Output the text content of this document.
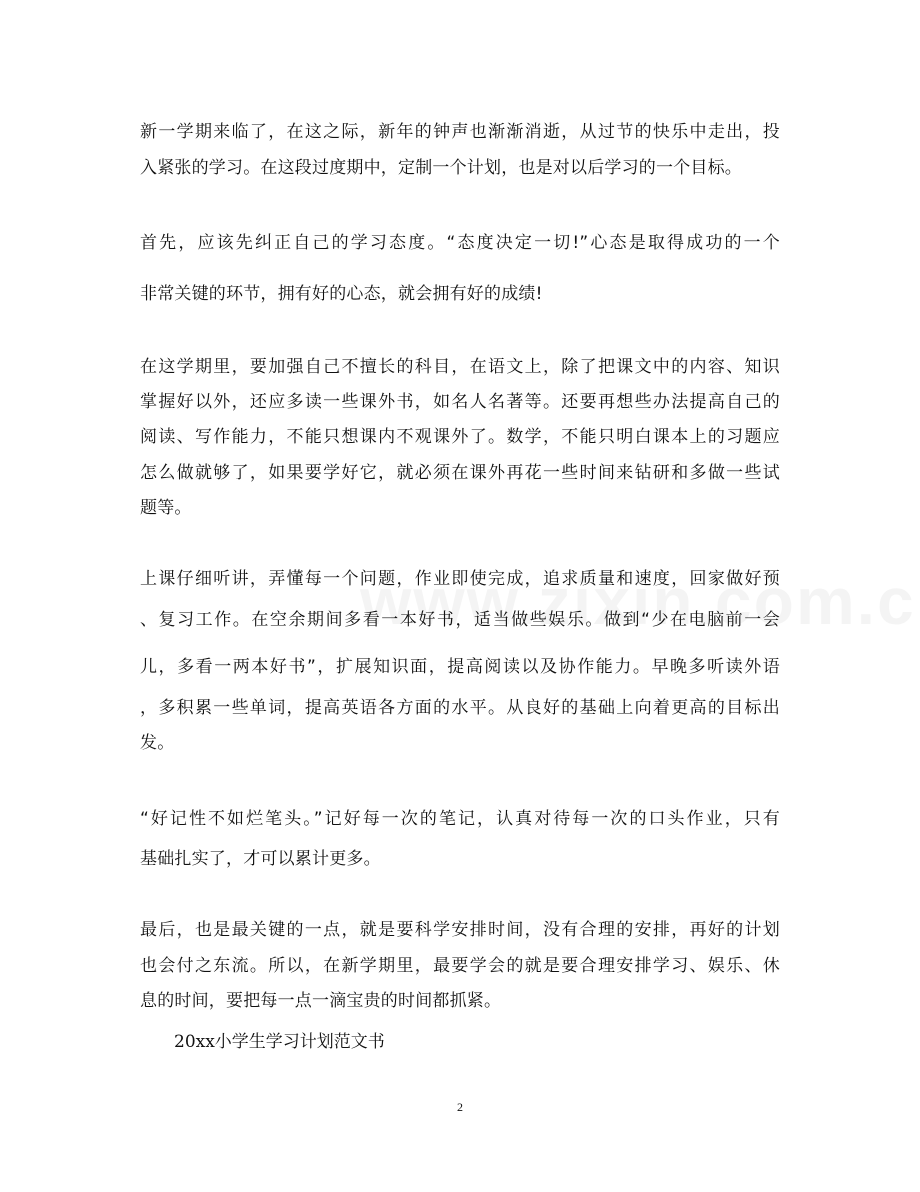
新一学期来临了，在这之际，新年的钟声也渐渐消逝，从过节的快乐中走出，投
入紧张的学习。在这段过度期中，定制一个计划，也是对以后学习的一个目标。
首先，应该先纠正自己的学习态度。“态度决定一切!”心态是取得成功的一个
非常关键的环节，拥有好的心态，就会拥有好的成绩!
在这学期里，要加强自己不擅长的科目，在语文上，除了把课文中的内容、知识
掌握好以外，还应多读一些课外书，如名人名著等。还要再想些办法提高自己的
阅读、写作能力，不能只想课内不观课外了。数学，不能只明白课本上的习题应
怎么做就够了，如果要学好它，就必须在课外再花一些时间来钻研和多做一些试
题等。
上课仔细听讲，弄懂每一个问题，作业即使完成，追求质量和速度，回家做好预
、复习工作。在空余期间多看一本好书，适当做些娱乐。做到“少在电脑前一会
儿，多看一两本好书”，扩展知识面，提高阅读以及协作能力。早晚多听读外语
，多积累一些单词，提高英语各方面的水平。从良好的基础上向着更高的目标出
发。
“好记性不如烂笔头。”记好每一次的笔记，认真对待每一次的口头作业，只有
基础扎实了，才可以累计更多。
最后，也是最关键的一点，就是要科学安排时间，没有合理的安排，再好的计划
也会付之东流。所以，在新学期里，最要学会的就是要合理安排学习、娱乐、休
息的时间，要把每一点一滴宝贵的时间都抓紧。
20xx小学生学习计划范文书
2
